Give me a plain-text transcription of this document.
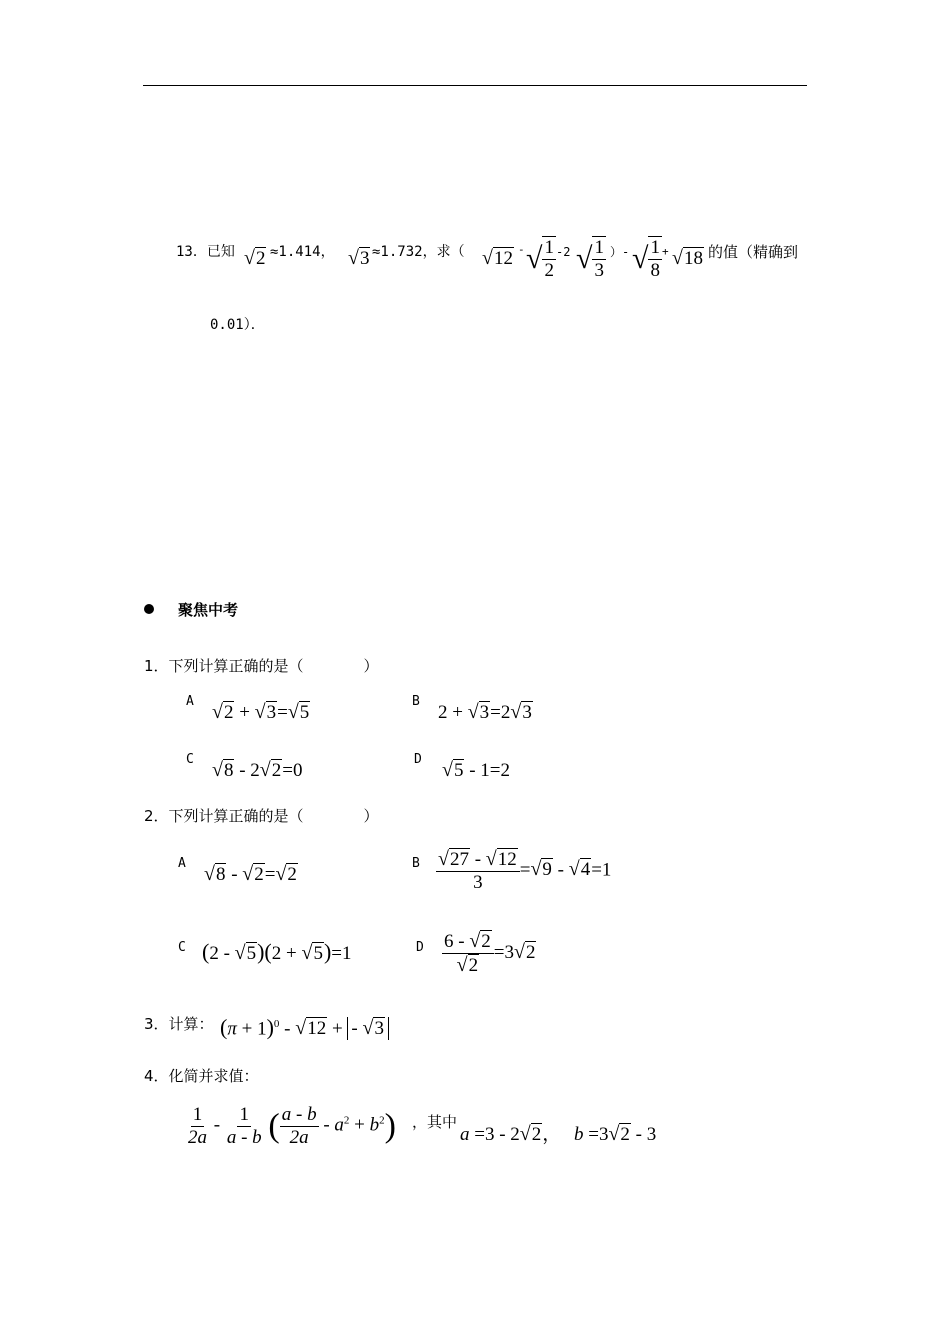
13．已知 √2 ≈1.414， √3 ≈1.732，求（ √12 - √ $\frac{1}{2} -2$ √ $\frac{1}{3}$ ）- √ $\frac{1}{8} + √18$ 的值（精确到
0.01）．
聚焦中考
1．下列计算正确的是（　　　　）
A √2 + √3=√5
B
2 + √3=2√3
C √8 - 2√2=0
D √5 - 1=2
2．下列计算正确的是（　　　　）
A √8 - √2=√2
B $\frac{√27 - √12}{3} =√9 - √4=1$
C (2 - √5)(2 + √5)=1	D $\frac{6 - √2}{√2} =3√2$
3．计算： $(\pi + 1)^0 - √12$ + - √3
4．化简并求值：
$\frac{1}{2a} - \frac{1}{a - b}$ ( $\frac{a - b}{2a} - a^2 + b^2$) ，其中
a =3 - 2√2， b =3√2 - 3
